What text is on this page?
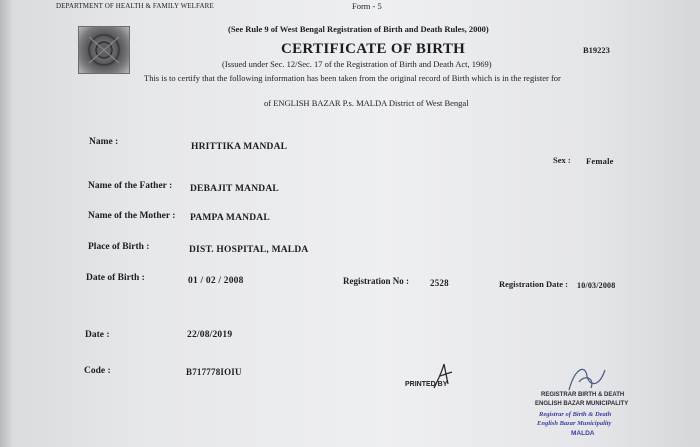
DEPARTMENT OF HEALTH & FAMILY WELFARE	Form - 5
(See Rule 9 of West Bengal Registration of Birth and Death Rules, 2000)
B19223
CERTIFICATE OF BIRTH
(Issued under Sec. 12/Sec. 17 of the Registration of Birth and Death Act, 1969)
This is to certify that the following information has been taken from the original record of Birth which is in the register for
of ENGLISH BAZAR P.s. MALDA District of West Bengal
Name :	HRITTIKA MANDAL
Sex : Female
Name of the Father : DEBAJIT MANDAL
Name of the Mother : PAMPA MANDAL
Place of Birth :	DIST. HOSPITAL, MALDA
Date of Birth :	01 / 02 / 2008	Registration No : 2528	Registration Date : 10/03/2008
Date :	22/08/2019
Code :	B717778IOIU
PRINTED BY
REGISTRAR BIRTH & DEATH
ENGLISH BAZAR MUNICIPALITY
Registrar of Birth & Death
English Bazar Municipality
MALDA
